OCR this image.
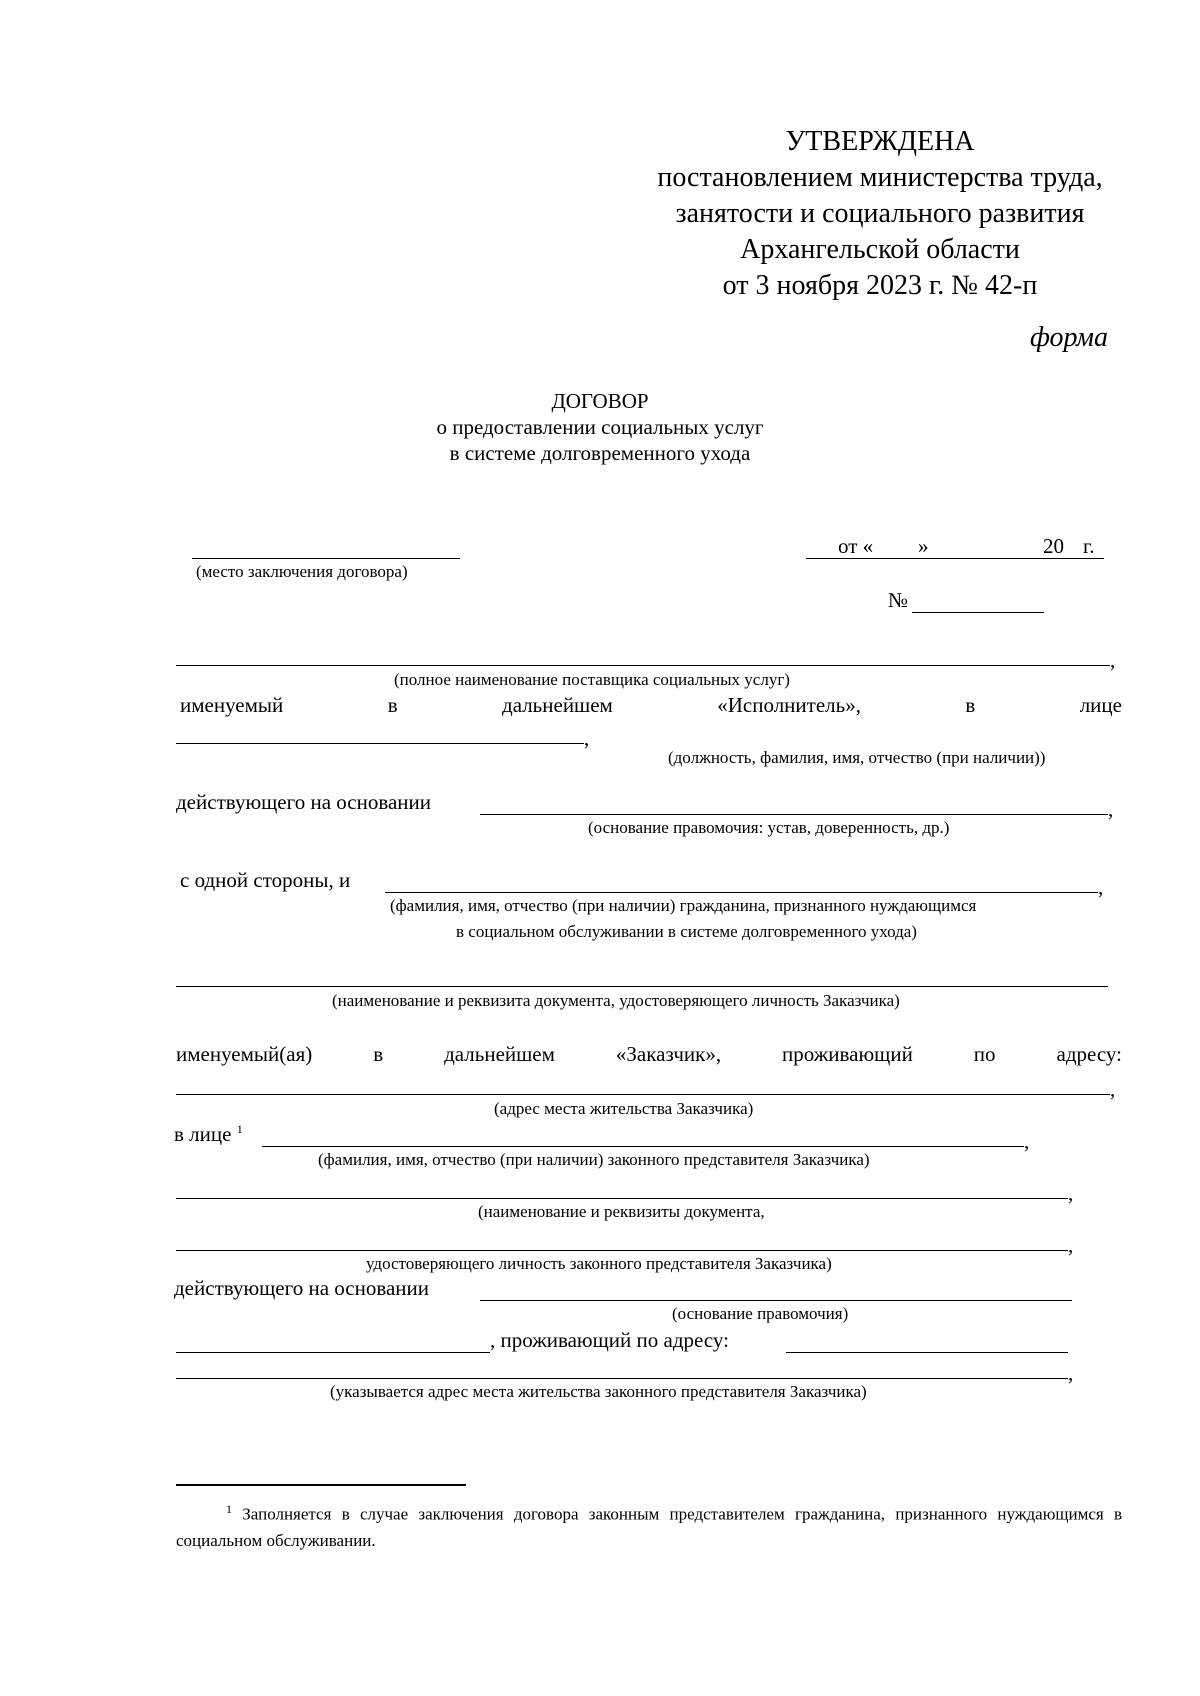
УТВЕРЖДЕНА
постановлением министерства труда,
занятости и социального развития
Архангельской области
от 3 ноября 2023 г. № 42-п
форма
ДОГОВОР
о предоставлении социальных услуг
в системе долговременного ухода
(место заключения договора)
от « »	20 г.
№
,
(полное наименование поставщика социальных услуг)
именуемый	в	дальнейшем	«Исполнитель»,	в	лице
,
(должность, фамилия, имя, отчество (при наличии))
действующего на основании	,
(основание правомочия: устав, доверенность, др.)
с одной стороны, и	,
(фамилия, имя, отчество (при наличии) гражданина, признанного нуждающимся
в социальном обслуживании в системе долговременного ухода)
(наименование и реквизита документа, удостоверяющего личность Заказчика)
именуемый(ая)	в	дальнейшем	«Заказчик»,	проживающий	по	адресу:
,
(адрес места жительства Заказчика)
в лице $^1$	,
(фамилия, имя, отчество (при наличии) законного представителя Заказчика)
,
(наименование и реквизиты документа,
,
удостоверяющего личность законного представителя Заказчика)
действующего на основании
(основание правомочия)
, проживающий по адресу:
,
(указывается адрес места жительства законного представителя Заказчика)
$^1$ Заполняется в случае заключения договора законным представителем гражданина, признанного нуждающимся в социальном обслуживании.
